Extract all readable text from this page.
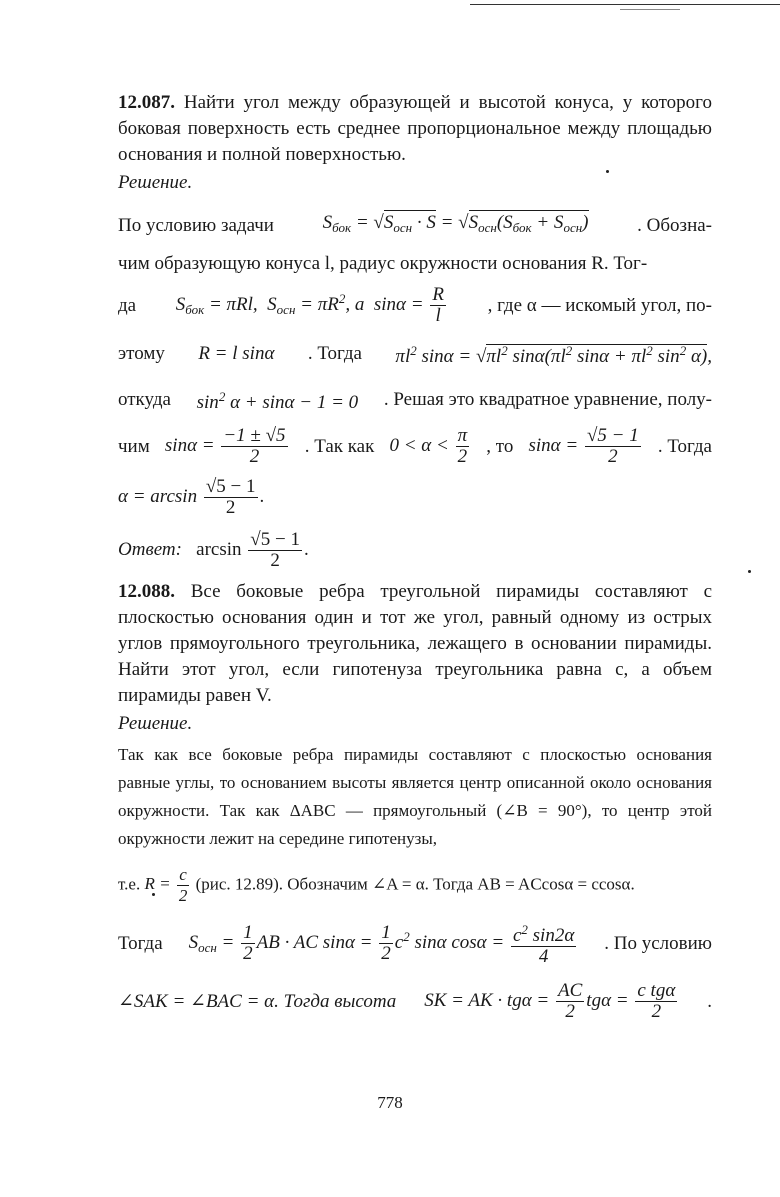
12.087. Найти угол между образующей и высотой конуса, у которого боковая поверхность есть среднее пропорциональное между площадью основания и полной поверхностью.

Решение.

По условию задачи	$S_{бок} = √S_{осн} \cdot S = √S_{осн}(S_{бок} + S_{осн})$	. Обозна-

чим образующую конуса l, радиус окружности основания R. Тог-

да $S_{бок} = \pi Rl$,  $S_{осн} = \pi R^2$, а  $\sin\alpha = \frac{R}{l}$ , где α — искомый угол, по-

этому R = l sinα . Тогда $\pi l^2$ $\sin\alpha = √\pi l^2$ $\sin\alpha(\pi l^2$ $\sin\alpha + \pi l^2$ $\sin^2 \alpha$),

откуда $\sin^2 \alpha + \sin\alpha - 1 = 0$ . Решая это квадратное уравнение, полу-

чим $\sin\alpha = \frac{-1 \pm √5}{2}$ . Так как $0 < \alpha < \frac{\pi}{2}$ , то $\sin\alpha = \frac{√5 - 1}{2}$ . Тогда

$\alpha = \arcsin \frac{√5 - 1}{2}$ .

Ответ: $\arcsin \frac{√5 - 1}{2}$ .

12.088. Все боковые ребра треугольной пирамиды составляют с плоскостью основания один и тот же угол, равный одному из острых углов прямоугольного треугольника, лежащего в основании пирамиды. Найти этот угол, если гипотенуза треугольника равна c, а объем пирамиды равен V.

Решение.

Так как все боковые ребра пирамиды составляют с плоскостью основания равные углы, то основанием высоты является центр описанной около основания окружности. Так как ΔABC — прямоугольный (∠B = 90°), то центр этой окружности лежит на середине гипотенузы,

т.е. $R = \frac{c}{2} (рис$. 12.89). Обозначим ∠A = α. Тогда AB = ACcosα = ccosα.

Тогда $S_{осн} = \frac{1}{2}$ AB · AC $\sin\alpha = \frac{1}{2} c^2$ sinα $\cos\alpha = \frac{c^2 \sin 2\alpha}{4}$ . По условию

∠SAK = ∠BAC = α. Тогда высота SK = AK · $tg\alpha = \frac{AC}{2}$ $tg\alpha = \frac{\text{c tgα}}{2}$ .

778
